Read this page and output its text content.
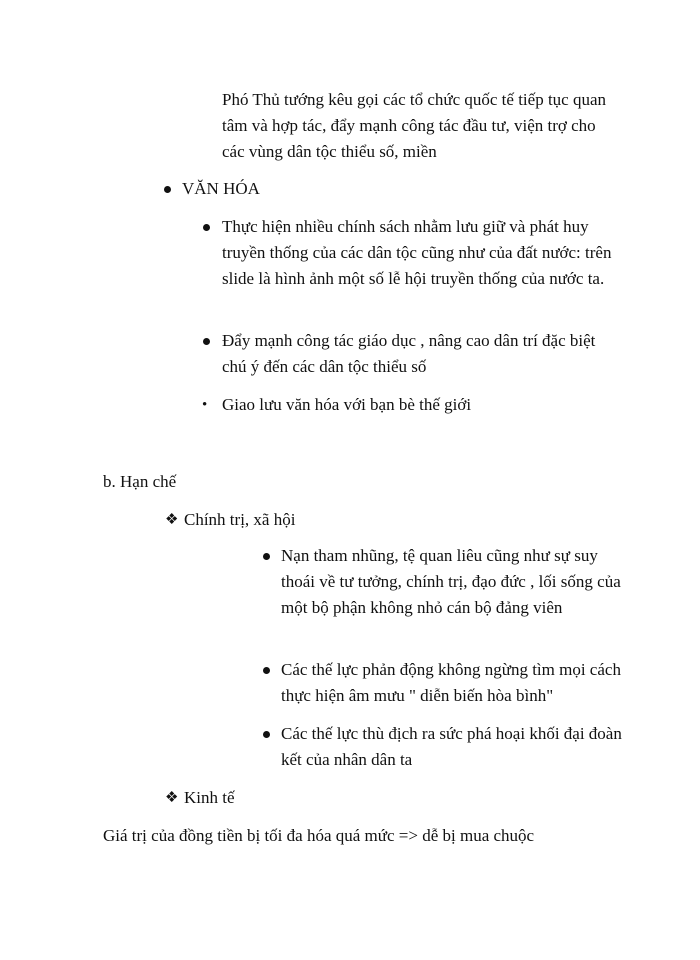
Phó Thủ tướng kêu gọi các tổ chức quốc tế tiếp tục quan tâm và hợp tác, đẩy mạnh công tác đầu tư, viện trợ cho các vùng dân tộc thiểu số, miền

VĂN HÓA

Thực hiện nhiều chính sách nhằm lưu giữ và phát huy truyền thống của các dân tộc cũng như của đất nước: trên slide là hình ảnh một số lễ hội truyền thống của nước ta.

Đẩy mạnh công tác giáo dục , nâng cao dân trí đặc biệt chú ý đến các dân tộc thiểu số

• Giao lưu văn hóa với bạn bè thế giới

b. Hạn chế

❖ Chính trị, xã hội

Nạn tham nhũng, tệ quan liêu cũng như sự suy thoái về tư tưởng, chính trị, đạo đức , lối sống của một bộ phận không nhỏ cán bộ đảng viên

Các thế lực phản động không ngừng tìm mọi cách thực hiện âm mưu " diễn biến hòa bình"

Các thế lực thù địch ra sức phá hoại khối đại đoàn kết của nhân dân ta

❖ Kinh tế

Giá trị của đồng tiền bị tối đa hóa quá mức => dễ bị mua chuộc
